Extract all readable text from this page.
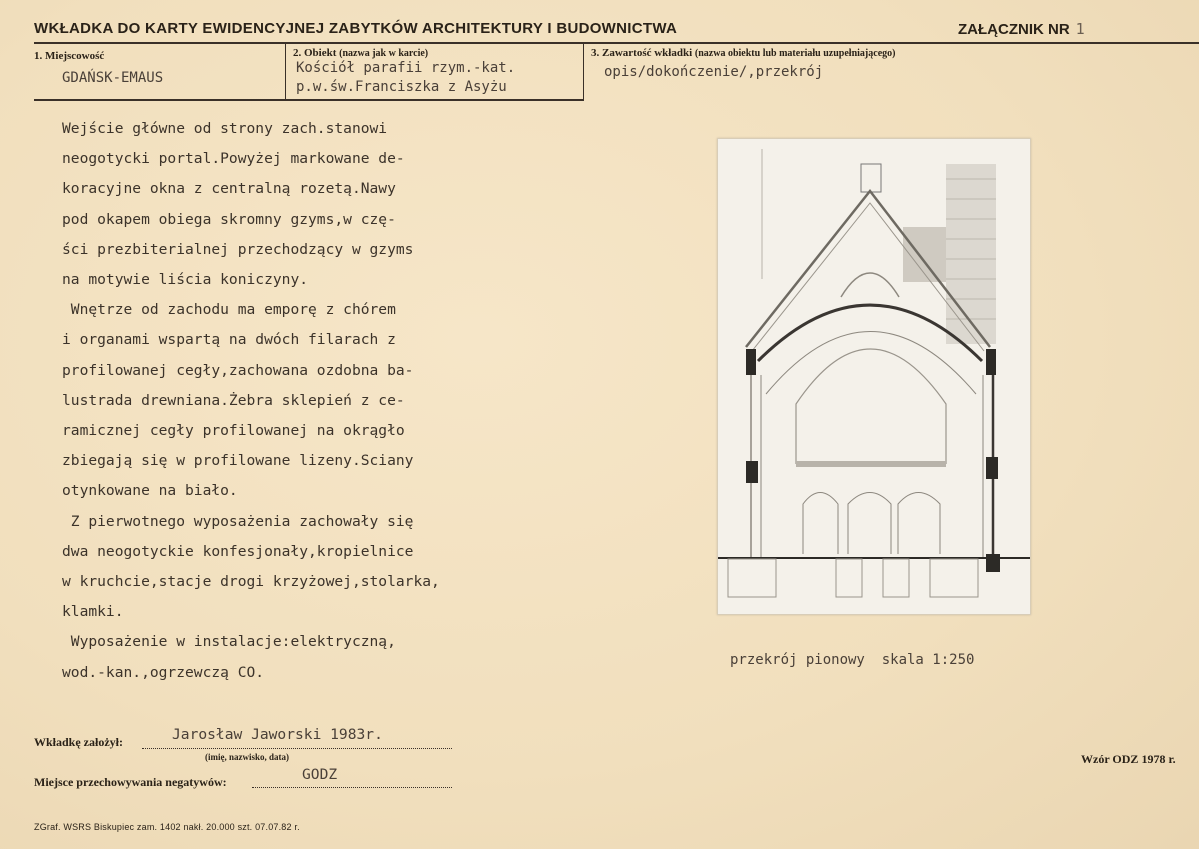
WKŁADKA DO KARTY EWIDENCYJNEJ ZABYTKÓW ARCHITEKTURY I BUDOWNICTWA	ZAŁĄCZNIK NR 1
1. Miejscowość
GDAŃSK-EMAUS
2. Obiekt (nazwa jak w karcie)
Kościół parafii rzym.-kat.
p.w.św.Franciszka z Asyżu
3. Zawartość wkładki (nazwa obiektu lub materiału uzupełniającego)
opis/dokończenie/,przekrój
Wejście główne od strony zach.stanowi
neogotycki portal.Powyżej markowane de-
koracyjne okna z centralną rozetą.Nawy
pod okapem obiega skromny gzyms,w czę-
ści prezbiterialnej przechodzący w gzyms
na motywie liścia koniczyny.
Wnętrze od zachodu ma emporę z chórem
i organami wspartą na dwóch filarach z
profilowanej cegły,zachowana ozdobna ba-
lustrada drewniana.Żebra sklepień z ce-
ramicznej cegły profilowanej na okrągło
zbiegają się w profilowane lizeny.Sciany
otynkowane na biało.
Z pierwotnego wyposażenia zachowały się
dwa neogotyckie konfesjonały,kropielnice
w kruchcie,stacje drogi krzyżowej,stolarka,
klamki.
Wyposażenie w instalacje:elektryczną,
wod.-kan.,ogrzewczą CO.
przekrój pionowy  skala 1:250
Wkładkę założył:	Jarosław Jaworski 1983r.
(imię, nazwisko, data)
Miejsce przechowywania negatywów:	GODZ
Wzór ODZ 1978 r.
ZGraf. WSRS Biskupiec zam. 1402 nakł. 20.000 szt. 07.07.82 r.
